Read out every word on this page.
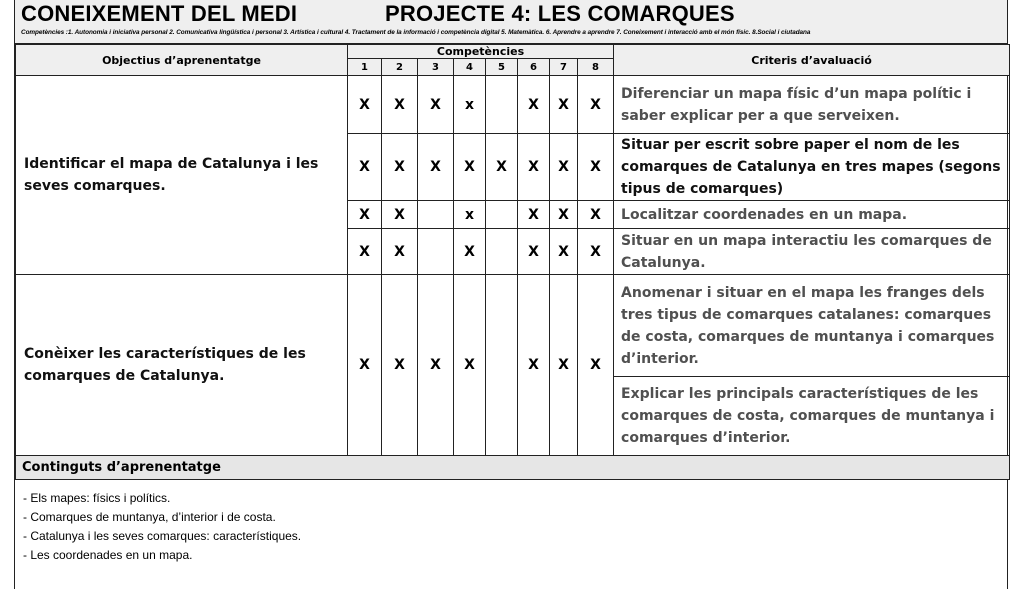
CONEIXEMENT DEL MEDI	PROJECTE 4: LES COMARQUES
Competències :1. Autonomia i iniciativa personal 2. Comunicativa lingüística i personal 3. Artística i cultural 4. Tractament de la informació i competència digital 5. Matemàtica. 6. Aprendre a aprendre 7. Coneixement i interacció amb el món físic. 8.Social i ciutadana
Objectius d’aprenentatge	Competències								Criteris d’avaluació
	1	2	3	4	5	6	7	8	
Identificar el mapa de Catalunya i les seves comarques.	X	X	X	x		X	X	X	Diferenciar un mapa físic d’un mapa polític i saber explicar per a que serveixen.
	X	X	X	X	X	X	X	X	Situar per escrit sobre paper el nom de les comarques de Catalunya en tres mapes (segons tipus de comarques)
	X	X		x		X	X	X	Localitzar coordenades en un mapa.
	X	X		X		X	X	X	Situar en un mapa interactiu les comarques de Catalunya.
Conèixer les característiques de les comarques de Catalunya.	X	X	X	X		X	X	X	Anomenar i situar en el mapa les franges dels tres tipus de comarques catalanes: comarques de costa, comarques de muntanya i comarques d’interior.
									Explicar les principals característiques de les comarques de costa, comarques de muntanya i comarques d’interior.
Continguts d’aprenentatge									
- Els mapes: físics i polítics.
- Comarques de muntanya, d’interior i de costa.
- Catalunya i les seves comarques: característiques.
- Les coordenades en un mapa.
